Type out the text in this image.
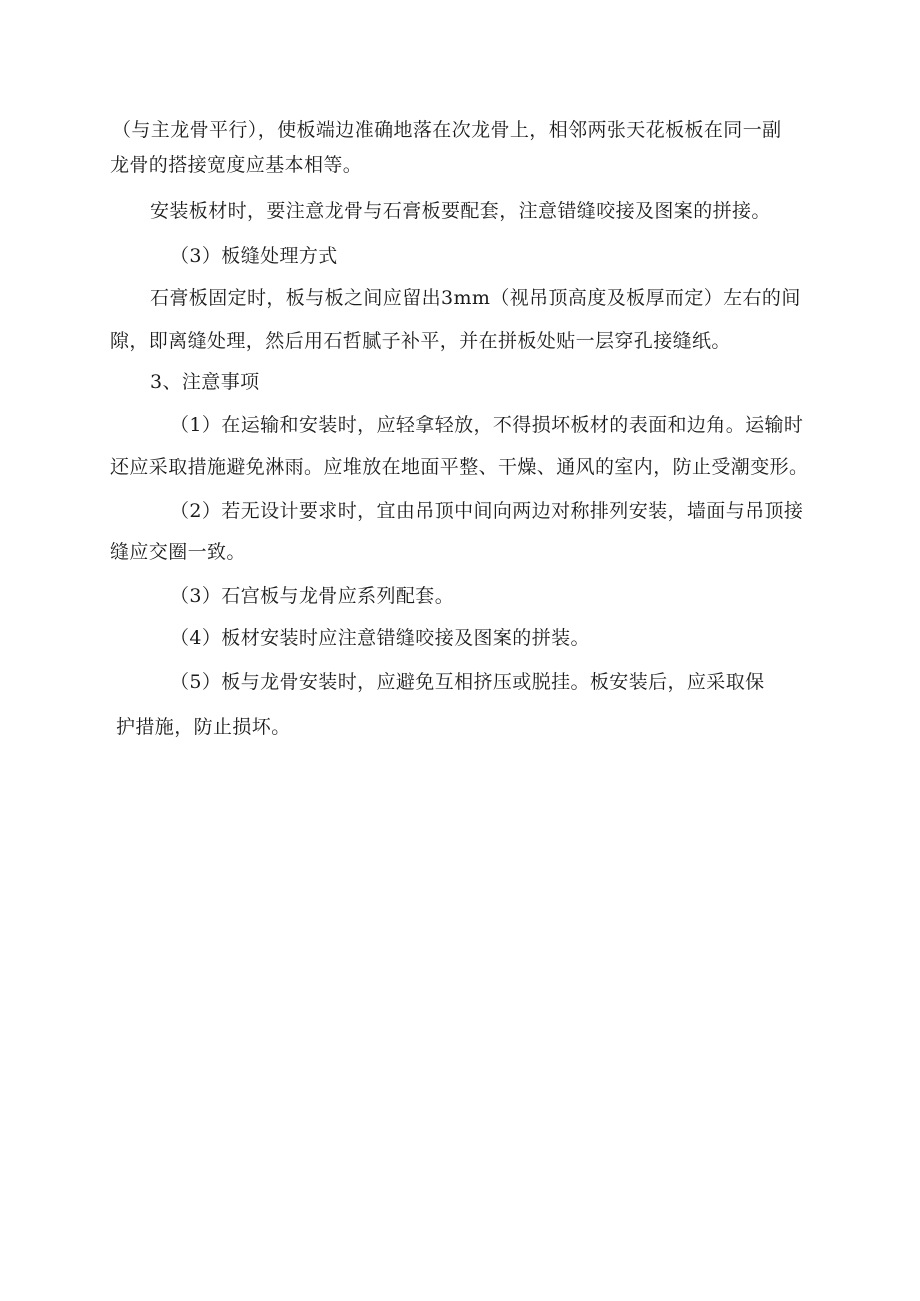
（与主龙骨平行），使板端边准确地落在次龙骨上，相邻两张天花板板在同一副
龙骨的搭接宽度应基本相等。
安装板材时，要注意龙骨与石膏板要配套，注意错缝咬接及图案的拼接。
（3）板缝处理方式
石膏板固定时，板与板之间应留出3mm（视吊顶高度及板厚而定）左右的间
隙，即离缝处理，然后用石哲腻子补平，并在拼板处贴一层穿孔接缝纸。
3、注意事项
（1）在运输和安装时，应轻拿轻放，不得损坏板材的表面和边角。运输时
还应采取措施避免淋雨。应堆放在地面平整、干燥、通风的室内，防止受潮变形。
（2）若无设计要求时，宜由吊顶中间向两边对称排列安装，墙面与吊顶接
缝应交圈一致。
（3）石宫板与龙骨应系列配套。
（4）板材安装时应注意错缝咬接及图案的拼装。
（5）板与龙骨安装时，应避免互相挤压或脱挂。板安装后，应采取保
护措施，防止损坏。
